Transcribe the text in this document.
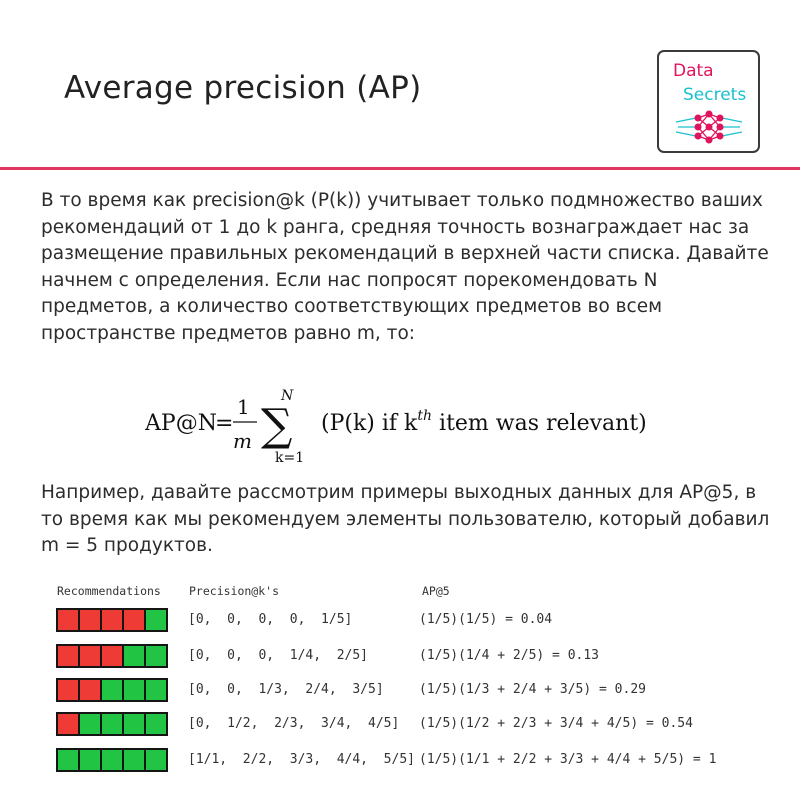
Average precision (AP)	Data
Secrets

В то время как precision@k (P(k)) учитывает только подмножество ваших рекомендаций от 1 до k ранга, средняя точность вознаграждает нас за размещение правильных рекомендаций в верхней части списка. Давайте начнем с определения. Если нас попросят порекомендовать N предметов, а количество соответствующих предметов во всем пространстве предметов равно m, то:

AP@N
=
1
m
N
∑
k=1
(P(k) if $k^{th}$ item was relevant)

Например, давайте рассмотрим примеры выходных данных для AP@5, в то время как мы рекомендуем элементы пользователю, который добавил m = 5 продуктов.

Recommendations Precision@k's	AP@5
[0,  0,  0,  0,  1/5]	(1/5)(1/5) = 0.04
[0,  0,  0,  1/4,  2/5]	(1/5)(1/4 + 2/5) = 0.13
[0,  0,  1/3,  2/4,  3/5]	(1/5)(1/3 + 2/4 + 3/5) = 0.29
[0,  1/2,  2/3,  3/4,  4/5] (1/5)(1/2 + 2/3 + 3/4 + 4/5) = 0.54
[1/1,  2/2,  3/3,  4/4,  5/5] (1/5)(1/1 + 2/2 + 3/3 + 4/4 + 5/5) = 1
